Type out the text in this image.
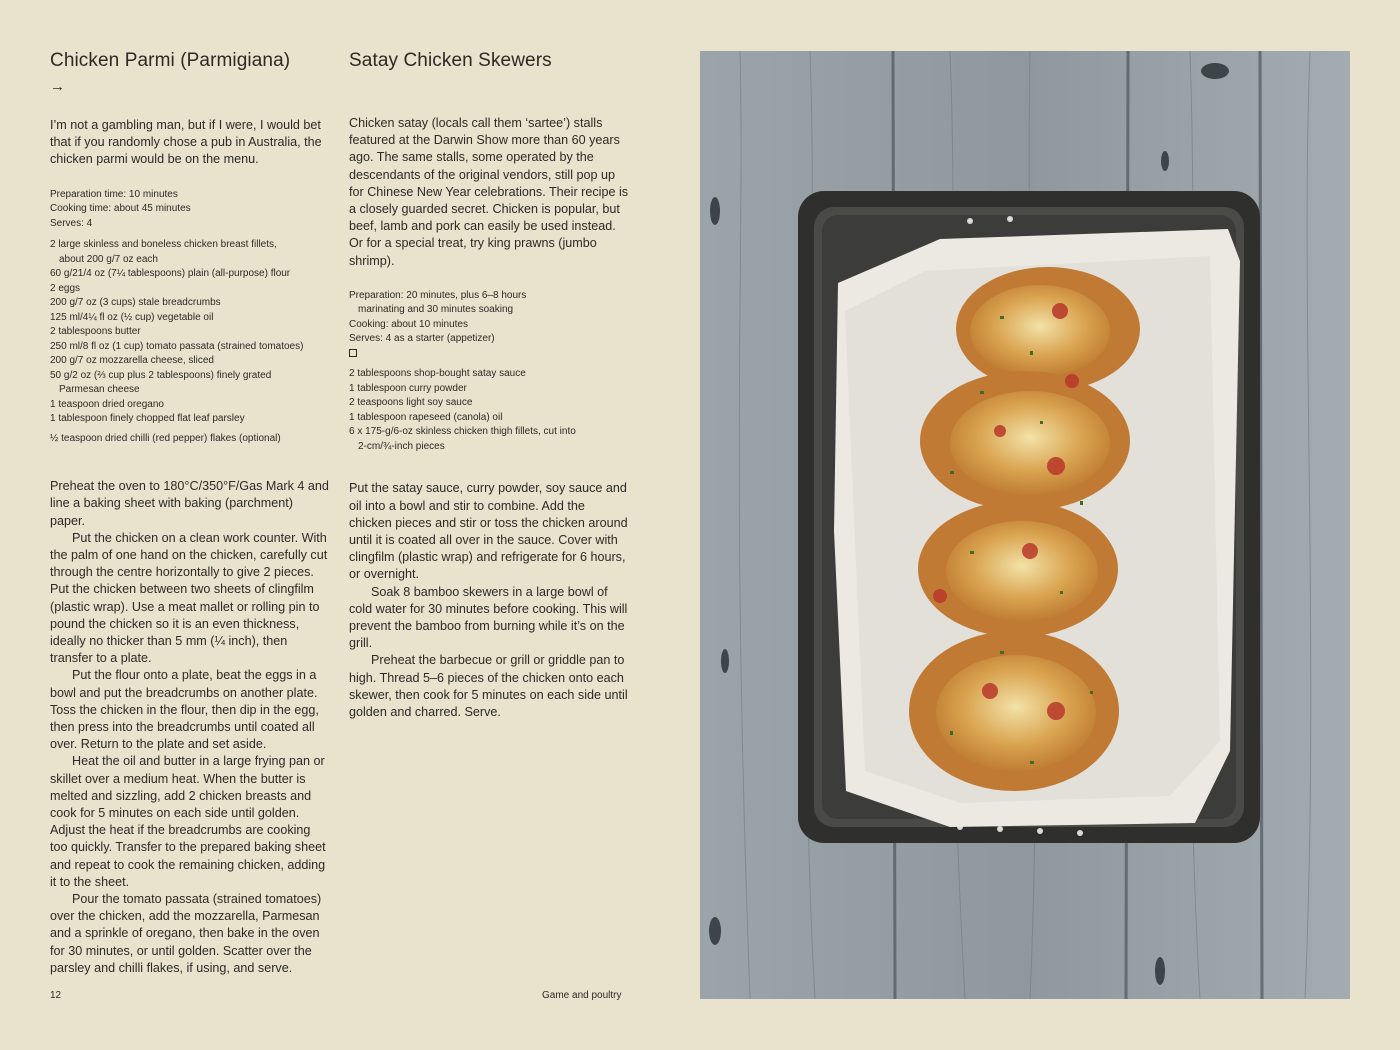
Chicken Parmi (Parmigiana)
→

I’m not a gambling man, but if I were, I would bet that if you randomly chose a pub in Australia, the chicken parmi would be on the menu.

Preparation time: 10 minutes
Cooking time: about 45 minutes
Serves: 4
2 large skinless and boneless chicken breast fillets,
about 200 g/7 oz each
60 g/21/4 oz (7¼ tablespoons) plain (all-purpose) flour
2 eggs
200 g/7 oz (3 cups) stale breadcrumbs
125 ml/4¼ fl oz (½ cup) vegetable oil
2 tablespoons butter
250 ml/8 fl oz (1 cup) tomato passata (strained tomatoes)
200 g/7 oz mozzarella cheese, sliced
50 g/2 oz (⅔ cup plus 2 tablespoons) finely grated
Parmesan cheese
1 teaspoon dried oregano
1 tablespoon finely chopped flat leaf parsley
½ teaspoon dried chilli (red pepper) flakes (optional)

Preheat the oven to 180°C/350°F/Gas Mark 4 and line a baking sheet with baking (parchment) paper.

Put the chicken on a clean work counter. With the palm of one hand on the chicken, carefully cut through the centre horizontally to give 2 pieces. Put the chicken between two sheets of clingfilm (plastic wrap). Use a meat mallet or rolling pin to pound the chicken so it is an even thickness, ideally no thicker than 5 mm (¼ inch), then transfer to a plate.

Put the flour onto a plate, beat the eggs in a bowl and put the breadcrumbs on another plate. Toss the chicken in the flour, then dip in the egg, then press into the breadcrumbs until coated all over. Return to the plate and set aside.

Heat the oil and butter in a large frying pan or skillet over a medium heat. When the butter is melted and sizzling, add 2 chicken breasts and cook for 5 minutes on each side until golden. Adjust the heat if the breadcrumbs are cooking too quickly. Transfer to the prepared baking sheet and repeat to cook the remaining chicken, adding it to the sheet.

Pour the tomato passata (strained tomatoes) over the chicken, add the mozzarella, Parmesan and a sprinkle of oregano, then bake in the oven for 30 minutes, or until golden. Scatter over the parsley and chilli flakes, if using, and serve.

Satay Chicken Skewers

Chicken satay (locals call them ‘sartee’) stalls featured at the Darwin Show more than 60 years ago. The same stalls, some operated by the descendants of the original vendors, still pop up for Chinese New Year celebrations. Their recipe is a closely guarded secret. Chicken is popular, but beef, lamb and pork can easily be used instead. Or for a special treat, try king prawns (jumbo shrimp).

Preparation: 20 minutes, plus 6–8 hours
marinating and 30 minutes soaking
Cooking: about 10 minutes
Serves: 4 as a starter (appetizer)
2 tablespoons shop-bought satay sauce
1 tablespoon curry powder
2 teaspoons light soy sauce
1 tablespoon rapeseed (canola) oil
6 x 175-g/6-oz skinless chicken thigh fillets, cut into
2-cm/¾-inch pieces

Put the satay sauce, curry powder, soy sauce and oil into a bowl and stir to combine. Add the chicken pieces and stir or toss the chicken around until it is coated all over in the sauce. Cover with clingfilm (plastic wrap) and refrigerate for 6 hours, or overnight.

Soak 8 bamboo skewers in a large bowl of cold water for 30 minutes before cooking. This will prevent the bamboo from burning while it’s on the grill.

Preheat the barbecue or grill or griddle pan to high. Thread 5–6 pieces of the chicken onto each skewer, then cook for 5 minutes on each side until golden and charred. Serve.

12	Game and poultry
